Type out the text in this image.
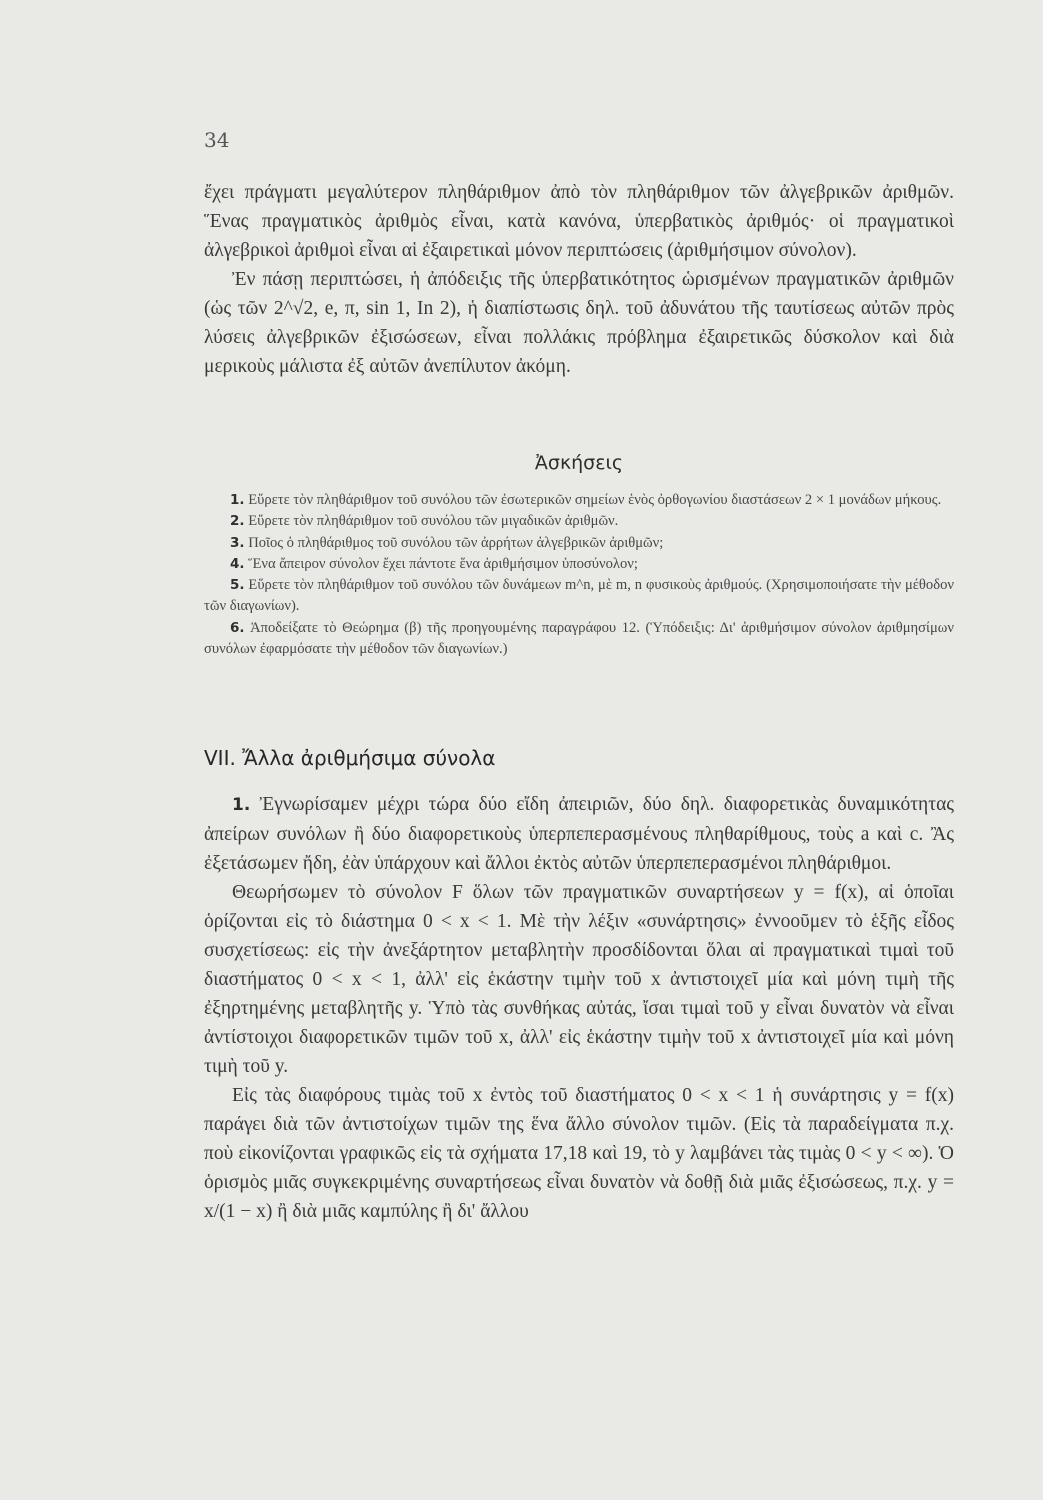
34

ἔχει πράγματι μεγαλύτερον πληθάριθμον ἀπὸ τὸν πληθάριθμον τῶν ἀλγεβρικῶν ἀριθμῶν. Ἕνας πραγματικὸς ἀριθμὸς εἶναι, κατὰ κανόνα, ὑπερβατικὸς ἀριθμός· οἱ πραγματικοὶ ἀλγεβρικοὶ ἀριθμοὶ εἶναι αἱ ἐξαιρετικαὶ μόνον περιπτώσεις (ἀριθμήσιμον σύνολον).

Ἐν πάσῃ περιπτώσει, ἡ ἀπόδειξις τῆς ὑπερβατικότητος ὡρισμένων πραγματικῶν ἀριθμῶν (ὡς τῶν 2^√2, e, π, sin 1, In 2), ἡ διαπίστωσις δηλ. τοῦ ἀδυνάτου τῆς ταυτίσεως αὐτῶν πρὸς λύσεις ἀλγεβρικῶν ἐξισώσεων, εἶναι πολλάκις πρόβλημα ἐξαιρετικῶς δύσκολον καὶ διὰ μερικοὺς μάλιστα ἐξ αὐτῶν ἀνεπίλυτον ἀκόμη.

Ἀσκήσεις

1. Εὕρετε τὸν πληθάριθμον τοῦ συνόλου τῶν ἐσωτερικῶν σημείων ἑνὸς ὀρθογωνίου διαστάσεων 2 × 1 μονάδων μήκους.

2. Εὕρετε τὸν πληθάριθμον τοῦ συνόλου τῶν μιγαδικῶν ἀριθμῶν.

3. Ποῖος ὁ πληθάριθμος τοῦ συνόλου τῶν ἀρρήτων ἀλγεβρικῶν ἀριθμῶν;

4. Ἕνα ἄπειρον σύνολον ἔχει πάντοτε ἕνα ἀριθμήσιμον ὑποσύνολον;

5. Εὕρετε τὸν πληθάριθμον τοῦ συνόλου τῶν δυνάμεων m^n, μὲ m, n φυσικοὺς ἀριθμούς. (Χρησιμοποιήσατε τὴν μέθοδον τῶν διαγωνίων).

6. Ἀποδείξατε τὸ Θεώρημα (β) τῆς προηγουμένης παραγράφου 12. (Ὑπόδειξις: Δι' ἀριθμήσιμον σύνολον ἀριθμησίμων συνόλων ἐφαρμόσατε τὴν μέθοδον τῶν διαγωνίων.)

VII. Ἄλλα ἀριθμήσιμα σύνολα

1. Ἐγνωρίσαμεν μέχρι τώρα δύο εἴδη ἀπειριῶν, δύο δηλ. διαφορετικὰς δυναμικότητας ἀπείρων συνόλων ἢ δύο διαφορετικοὺς ὑπερπεπερασμένους πληθαρίθμους, τοὺς a καὶ c. Ἂς ἐξετάσωμεν ἤδη, ἐὰν ὑπάρχουν καὶ ἄλλοι ἐκτὸς αὐτῶν ὑπερπεπερασμένοι πληθάριθμοι.

Θεωρήσωμεν τὸ σύνολον F ὅλων τῶν πραγματικῶν συναρτήσεων y = f(x), αἱ ὁποῖαι ὁρίζονται εἰς τὸ διάστημα 0 < x < 1. Μὲ τὴν λέξιν «συνάρτησις» ἐννοοῦμεν τὸ ἑξῆς εἶδος συσχετίσεως: εἰς τὴν ἀνεξάρτητον μεταβλητὴν προσδίδονται ὅλαι αἱ πραγματικαὶ τιμαὶ τοῦ διαστήματος 0 < x < 1, ἀλλ' εἰς ἑκάστην τιμὴν τοῦ x ἀντιστοιχεῖ μία καὶ μόνη τιμὴ τῆς ἐξηρτημένης μεταβλητῆς y. Ὑπὸ τὰς συνθήκας αὐτάς, ἴσαι τιμαὶ τοῦ y εἶναι δυνατὸν νὰ εἶναι ἀντίστοιχοι διαφορετικῶν τιμῶν τοῦ x, ἀλλ' εἰς ἑκάστην τιμὴν τοῦ x ἀντιστοιχεῖ μία καὶ μόνη τιμὴ τοῦ y.

Εἰς τὰς διαφόρους τιμὰς τοῦ x ἐντὸς τοῦ διαστήματος 0 < x < 1 ἡ συνάρτησις y = f(x) παράγει διὰ τῶν ἀντιστοίχων τιμῶν της ἕνα ἄλλο σύνολον τιμῶν. (Εἰς τὰ παραδείγματα π.χ. ποὺ εἰκονίζονται γραφικῶς εἰς τὰ σχήματα 17,18 καὶ 19, τὸ y λαμβάνει τὰς τιμὰς 0 < y < ∞). Ὁ ὁρισμὸς μιᾶς συγκεκριμένης συναρτήσεως εἶναι δυνατὸν νὰ δοθῇ διὰ μιᾶς ἐξισώσεως, π.χ. y = x/(1 − x) ἢ διὰ μιᾶς καμπύλης ἢ δι' ἄλλου
